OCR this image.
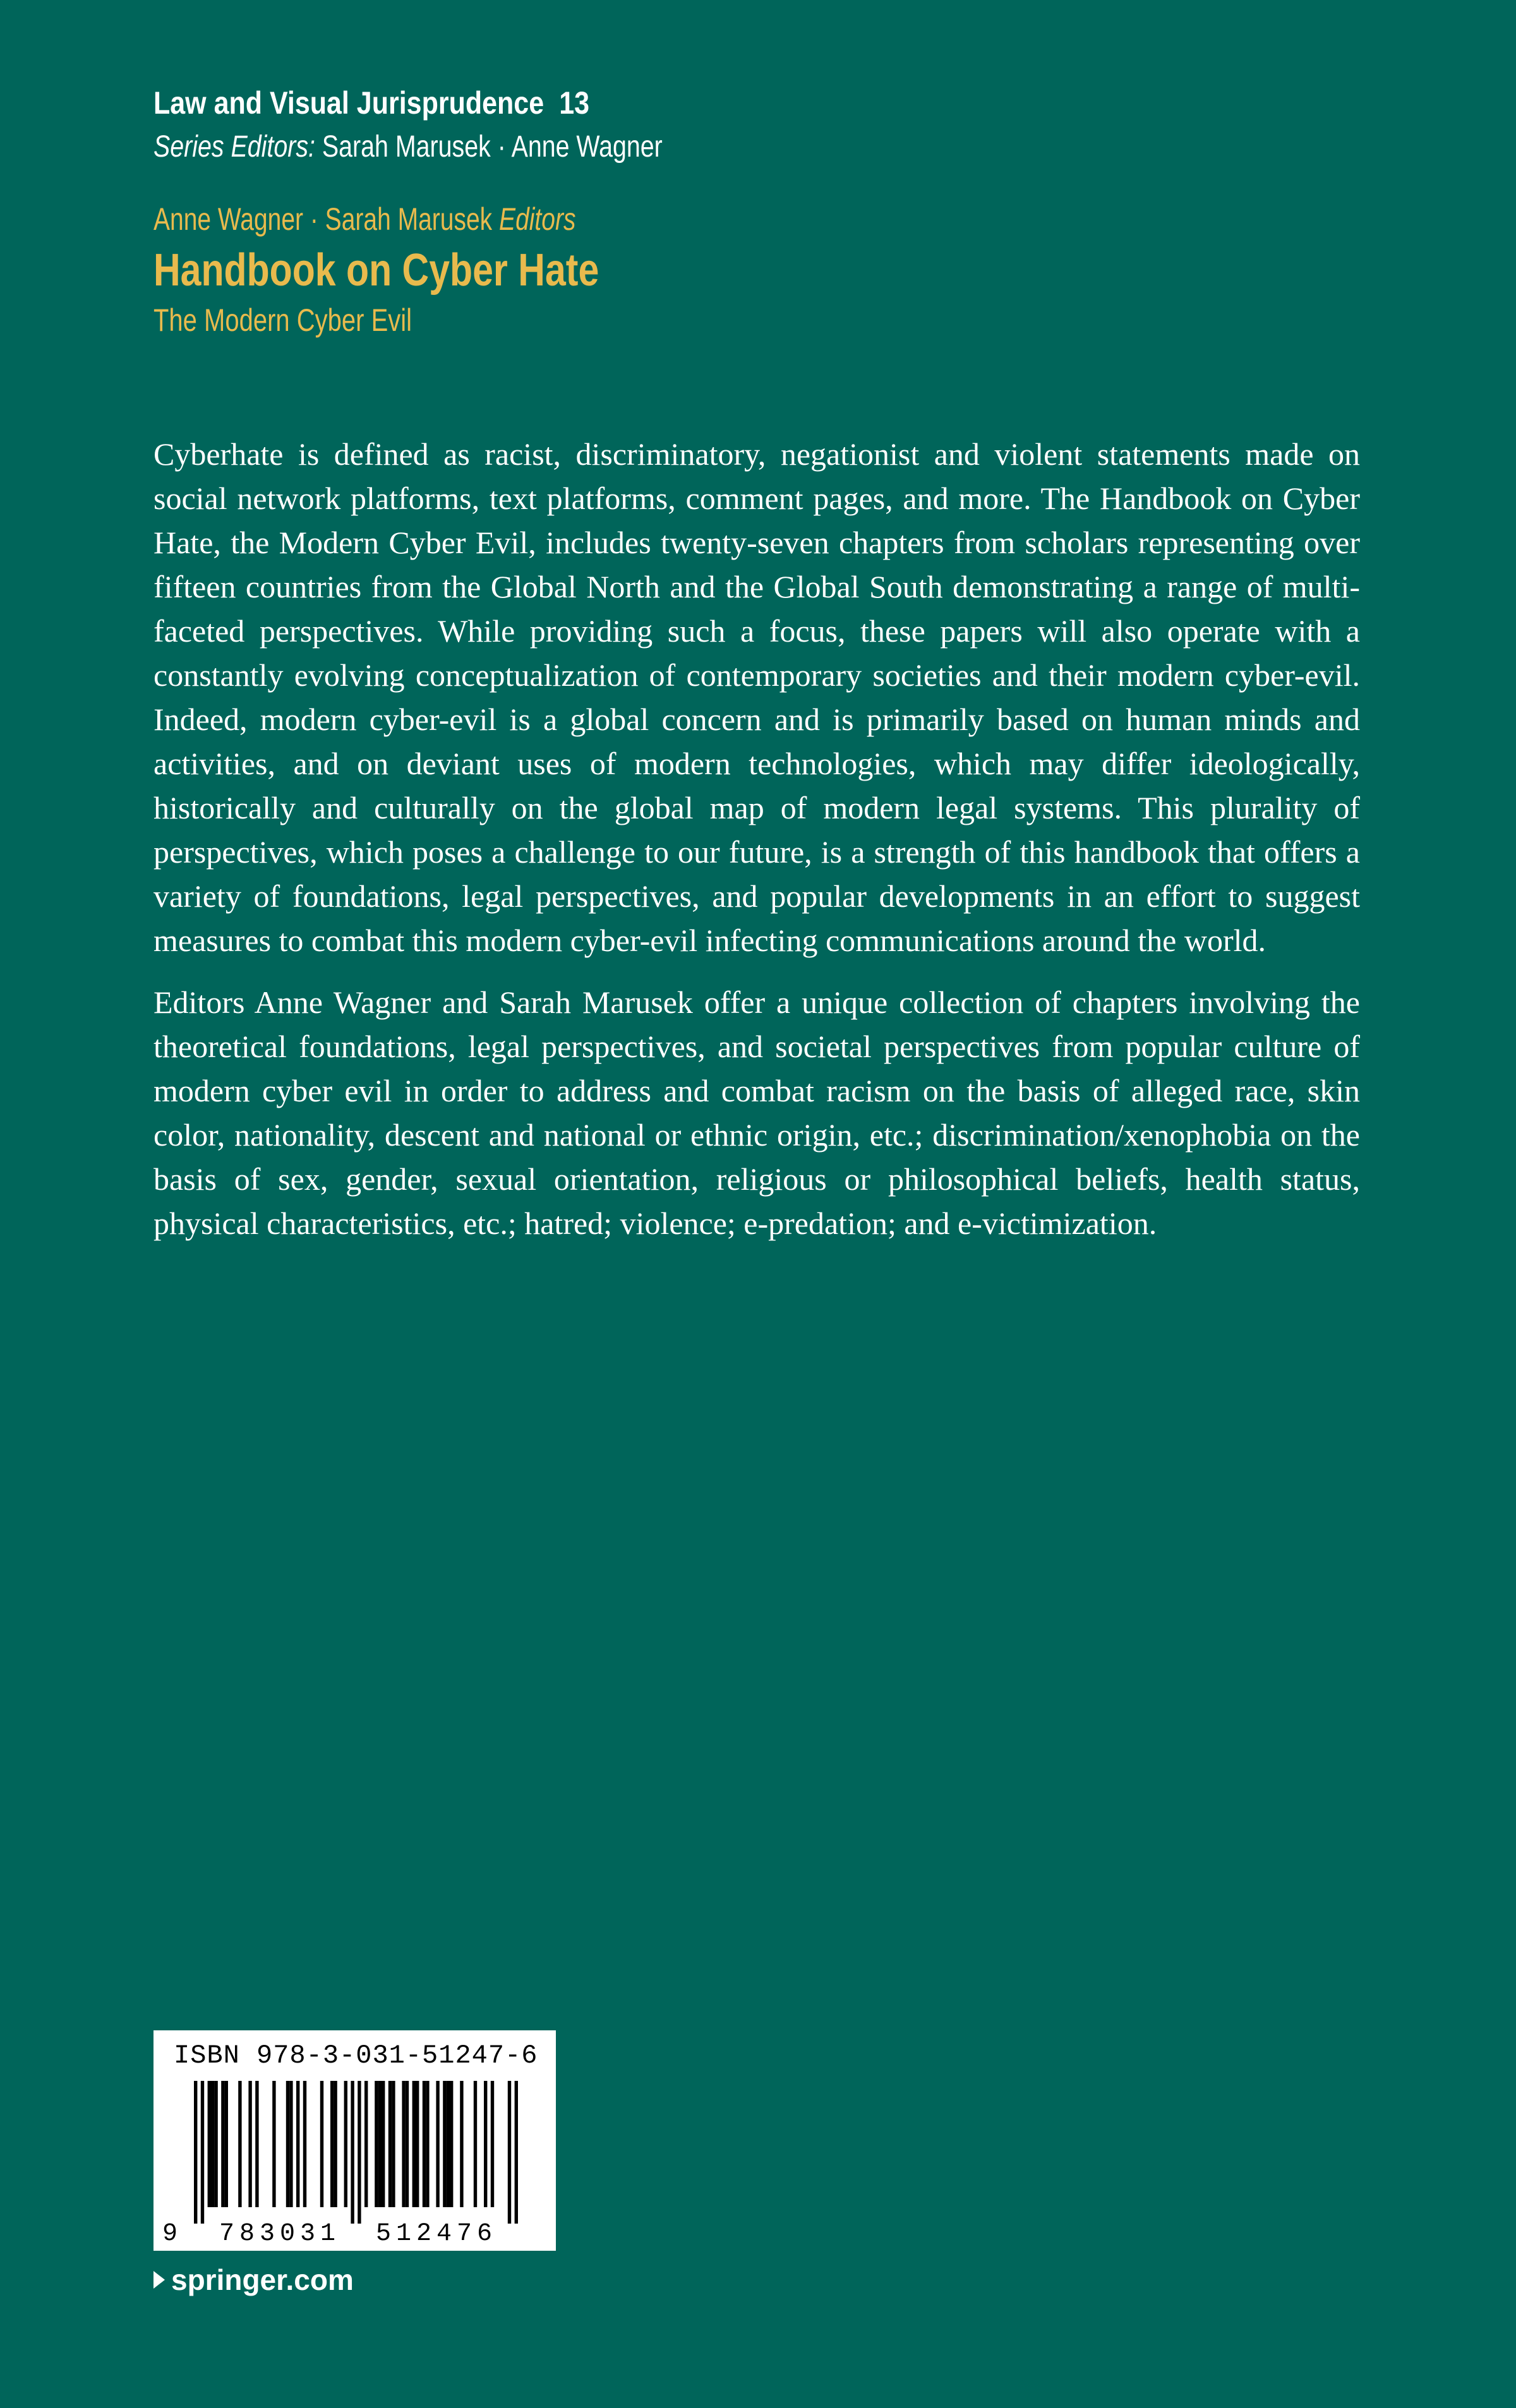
Law and Visual Jurisprudence 13
Series Editors: Sarah Marusek · Anne Wagner
Anne Wagner · Sarah Marusek Editors
Handbook on Cyber Hate
The Modern Cyber Evil

Cyberhate is defined as racist, discriminatory, negationist and violent statements made on social network platforms, text platforms, comment pages, and more. The Handbook on Cyber Hate, the Modern Cyber Evil, includes twenty-seven chapters from scholars representing over fifteen countries from the Global North and the Global South demonstrating a range of multi-faceted perspectives. While providing such a focus, these papers will also operate with a constantly evolving conceptualization of contemporary societies and their modern cyber-evil. Indeed, modern cyber-evil is a global concern and is primarily based on human minds and activities, and on deviant uses of modern technologies, which may differ ideologically, historically and culturally on the global map of modern legal systems. This plurality of perspectives, which poses a challenge to our future, is a strength of this handbook that offers a variety of foundations, legal perspectives, and popular developments in an effort to suggest measures to combat this modern cyber-evil infecting communications around the world.

Editors Anne Wagner and Sarah Marusek offer a unique collection of chapters involving the theoretical foundations, legal perspectives, and societal perspectives from popular culture of modern cyber evil in order to address and combat racism on the basis of alleged race, skin color, nationality, descent and national or ethnic origin, etc.; discrimination/xenophobia on the basis of sex, gender, sexual orientation, religious or philosophical beliefs, health status, physical characteristics, etc.; hatred; violence; e-predation; and e-victimization.

ISBN 978-3-031-51247-6
9 783031 512476
springer.com
